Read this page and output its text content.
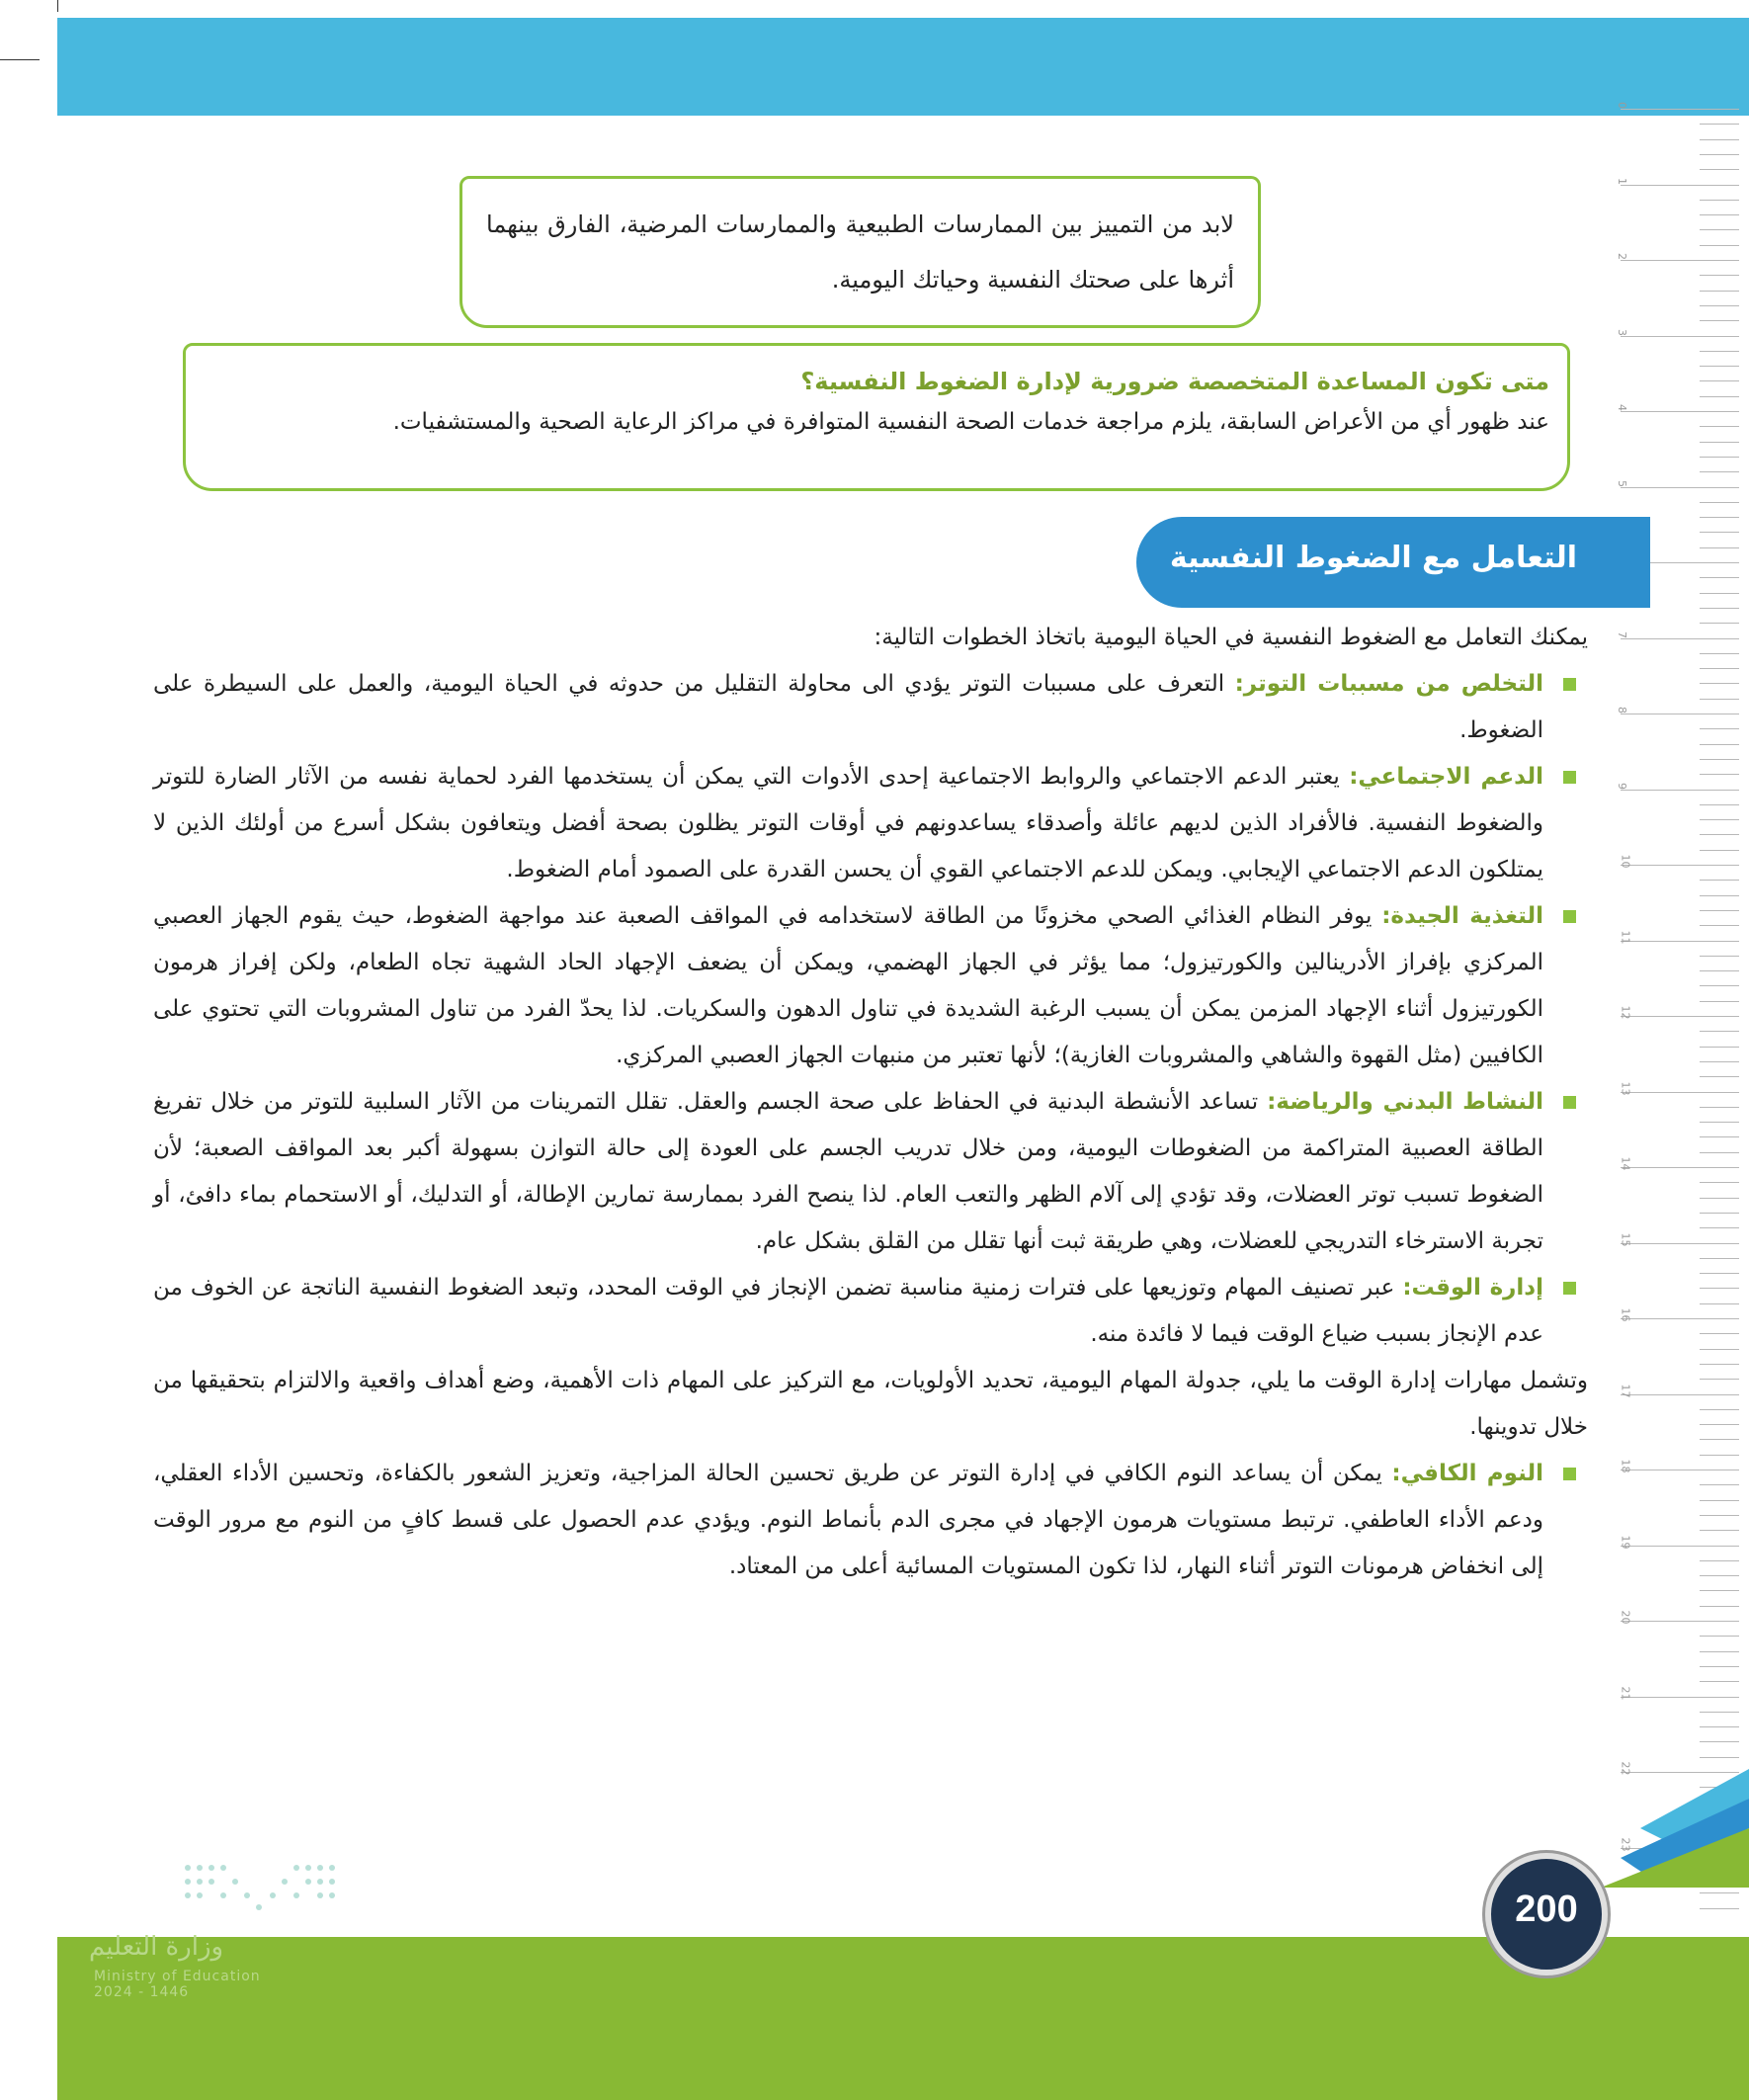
0
1
2
3
4
5
7
8
9
10
11
12
13
14
15
16
17
18
19
20
21
22
23

لابد من التمييز بين الممارسات الطبيعية والممارسات المرضية، الفارق بينهما أثرها على صحتك النفسية وحياتك اليومية.

متى تكون المساعدة المتخصصة ضرورية لإدارة الضغوط النفسية؟

عند ظهور أي من الأعراض السابقة، يلزم مراجعة خدمات الصحة النفسية المتوافرة في مراكز الرعاية الصحية والمستشفيات.

التعامل مع الضغوط النفسية

يمكنك التعامل مع الضغوط النفسية في الحياة اليومية باتخاذ الخطوات التالية:

التخلص من مسببات التوتر: التعرف على مسببات التوتر يؤدي الى محاولة التقليل من حدوثه في الحياة اليومية، والعمل على السيطرة على الضغوط.

الدعم الاجتماعي: يعتبر الدعم الاجتماعي والروابط الاجتماعية إحدى الأدوات التي يمكن أن يستخدمها الفرد لحماية نفسه من الآثار الضارة للتوتر والضغوط النفسية. فالأفراد الذين لديهم عائلة وأصدقاء يساعدونهم في أوقات التوتر يظلون بصحة أفضل ويتعافون بشكل أسرع من أولئك الذين لا يمتلكون الدعم الاجتماعي الإيجابي. ويمكن للدعم الاجتماعي القوي أن يحسن القدرة على الصمود أمام الضغوط.

التغذية الجيدة: يوفر النظام الغذائي الصحي مخزونًا من الطاقة لاستخدامه في المواقف الصعبة عند مواجهة الضغوط، حيث يقوم الجهاز العصبي المركزي بإفراز الأدرينالين والكورتيزول؛ مما يؤثر في الجهاز الهضمي، ويمكن أن يضعف الإجهاد الحاد الشهية تجاه الطعام، ولكن إفراز هرمون الكورتيزول أثناء الإجهاد المزمن يمكن أن يسبب الرغبة الشديدة في تناول الدهون والسكريات. لذا يحدّ الفرد من تناول المشروبات التي تحتوي على الكافيين (مثل القهوة والشاهي والمشروبات الغازية)؛ لأنها تعتبر من منبهات الجهاز العصبي المركزي.

النشاط البدني والرياضة: تساعد الأنشطة البدنية في الحفاظ على صحة الجسم والعقل. تقلل التمرينات من الآثار السلبية للتوتر من خلال تفريغ الطاقة العصبية المتراكمة من الضغوطات اليومية، ومن خلال تدريب الجسم على العودة إلى حالة التوازن بسهولة أكبر بعد المواقف الصعبة؛ لأن الضغوط تسبب توتر العضلات، وقد تؤدي إلى آلام الظهر والتعب العام. لذا ينصح الفرد بممارسة تمارين الإطالة، أو التدليك، أو الاستحمام بماء دافئ، أو تجربة الاسترخاء التدريجي للعضلات، وهي طريقة ثبت أنها تقلل من القلق بشكل عام.

إدارة الوقت: عبر تصنيف المهام وتوزيعها على فترات زمنية مناسبة تضمن الإنجاز في الوقت المحدد، وتبعد الضغوط النفسية الناتجة عن الخوف من عدم الإنجاز بسبب ضياع الوقت فيما لا فائدة منه.

وتشمل مهارات إدارة الوقت ما يلي، جدولة المهام اليومية، تحديد الأولويات، مع التركيز على المهام ذات الأهمية، وضع أهداف واقعية والالتزام بتحقيقها من خلال تدوينها.

النوم الكافي: يمكن أن يساعد النوم الكافي في إدارة التوتر عن طريق تحسين الحالة المزاجية، وتعزيز الشعور بالكفاءة، وتحسين الأداء العقلي، ودعم الأداء العاطفي. ترتبط مستويات هرمون الإجهاد في مجرى الدم بأنماط النوم. ويؤدي عدم الحصول على قسط كافٍ من النوم مع مرور الوقت إلى انخفاض هرمونات التوتر أثناء النهار، لذا تكون المستويات المسائية أعلى من المعتاد.

وزارة التعليم
Ministry of Education
2024 - 1446
200
